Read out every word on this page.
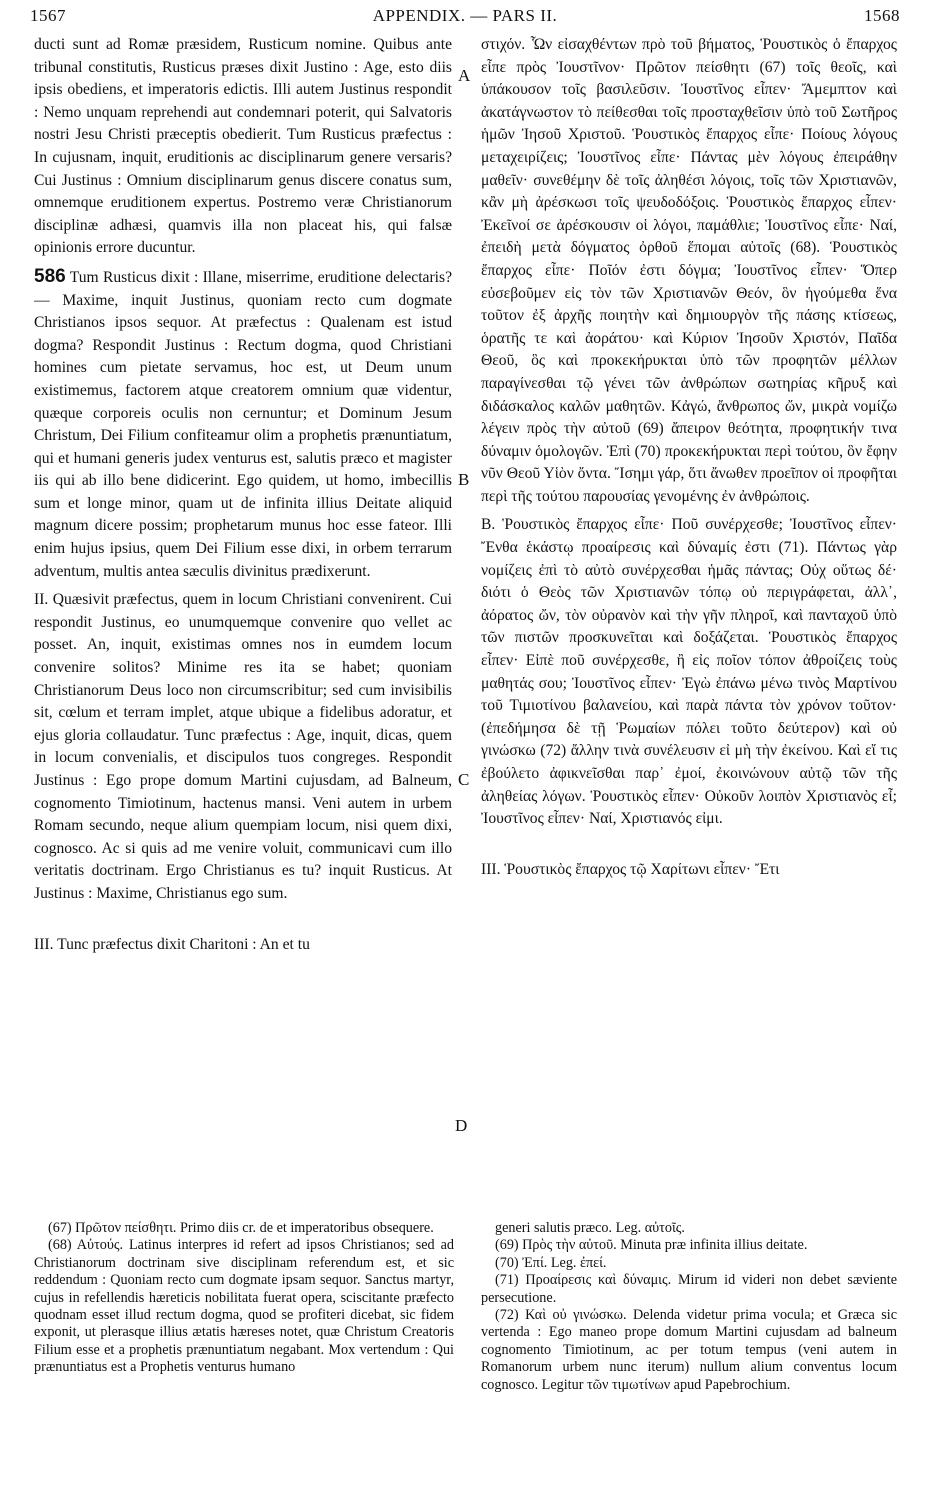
1567	APPENDIX. — PARS II.	1568
A
B
C
D

ducti sunt ad Romæ præsidem, Rusticum nomine. Quibus ante tribunal constitutis, Rusticus præses dixit Justino : Age, esto diis ipsis obediens, et imperatoris edictis. Illi autem Justinus respondit : Nemo unquam reprehendi aut condemnari poterit, qui Salvatoris nostri Jesu Christi præceptis obedierit. Tum Rusticus præfectus : In cujusnam, inquit, eruditionis ac disciplinarum genere versaris? Cui Justinus : Omnium disciplinarum genus discere conatus sum, omnemque eruditionem expertus. Postremo veræ Christianorum disciplinæ adhæsi, quamvis illa non placeat his, qui falsæ opinionis errore ducuntur.

586 Tum Rusticus dixit : Illane, miserrime, eruditione delectaris? — Maxime, inquit Justinus, quoniam recto cum dogmate Christianos ipsos sequor. At præfectus : Qualenam est istud dogma? Respondit Justinus : Rectum dogma, quod Christiani homines cum pietate servamus, hoc est, ut Deum unum existimemus, factorem atque creatorem omnium quæ videntur, quæque corporeis oculis non cernuntur; et Dominum Jesum Christum, Dei Filium confiteamur olim a prophetis prænuntiatum, qui et humani generis judex venturus est, salutis præco et magister iis qui ab illo bene didicerint. Ego quidem, ut homo, imbecillis sum et longe minor, quam ut de infinita illius Deitate aliquid magnum dicere possim; prophetarum munus hoc esse fateor. Illi enim hujus ipsius, quem Dei Filium esse dixi, in orbem terrarum adventum, multis antea sæculis divinitus prædixerunt.

II. Quæsivit præfectus, quem in locum Christiani convenirent. Cui respondit Justinus, eo unumquemque convenire quo vellet ac posset. An, inquit, existimas omnes nos in eumdem locum convenire solitos? Minime res ita se habet; quoniam Christianorum Deus loco non circumscribitur; sed cum invisibilis sit, cœlum et terram implet, atque ubique a fidelibus adoratur, et ejus gloria collaudatur. Tunc præfectus : Age, inquit, dicas, quem in locum convenialis, et discipulos tuos congreges. Respondit Justinus : Ego prope domum Martini cujusdam, ad Balneum, cognomento Timiotinum, hactenus mansi. Veni autem in urbem Romam secundo, neque alium quempiam locum, nisi quem dixi, cognosco. Ac si quis ad me venire voluit, communicavi cum illo veritatis doctrinam. Ergo Christianus es tu? inquit Rusticus. At Justinus : Maxime, Christianus ego sum.

III. Tunc præfectus dixit Charitoni : An et tu

στιχόν. Ὧν εἰσαχθέντων πρὸ τοῦ βήματος, Ῥουστικὸς ὁ ἔπαρχος εἶπε πρὸς Ἰουστῖνον· Πρῶτον πείσθητι (67) τοῖς θεοῖς, καὶ ὑπάκουσον τοῖς βασιλεῦσιν. Ἰουστῖνος εἶπεν· Ἄμεμπτον καὶ ἀκατάγνωστον τὸ πείθεσθαι τοῖς προσταχθεῖσιν ὑπὸ τοῦ Σωτῆρος ἡμῶν Ἰησοῦ Χριστοῦ. Ῥουστικὸς ἔπαρχος εἶπε· Ποίους λόγους μεταχειρίζεις; Ἰουστῖνος εἶπε· Πάντας μὲν λόγους ἐπειράθην μαθεῖν· συνεθέμην δὲ τοῖς ἀληθέσι λόγοις, τοῖς τῶν Χριστιανῶν, κἂν μὴ ἀρέσκωσι τοῖς ψευδοδόξοις. Ῥουστικὸς ἔπαρχος εἶπεν· Ἐκεῖνοί σε ἀρέσκουσιν οἱ λόγοι, παμάθλιε; Ἰουστῖνος εἶπε· Ναί, ἐπειδὴ μετὰ δόγματος ὀρθοῦ ἕπομαι αὐτοῖς (68). Ῥουστικὸς ἔπαρχος εἶπε· Ποῖόν ἐστι δόγμα; Ἰουστῖνος εἶπεν· Ὅπερ εὐσεβοῦμεν εἰς τὸν τῶν Χριστιανῶν Θεόν, ὃν ἡγούμεθα ἕνα τοῦτον ἐξ ἀρχῆς ποιητὴν καὶ δημιουργὸν τῆς πάσης κτίσεως, ὁρατῆς τε καὶ ἀοράτου· καὶ Κύριον Ἰησοῦν Χριστόν, Παῖδα Θεοῦ, ὃς καὶ προκεκήρυκται ὑπὸ τῶν προφητῶν μέλλων παραγίνεσθαι τῷ γένει τῶν ἀνθρώπων σωτηρίας κῆρυξ καὶ διδάσκαλος καλῶν μαθητῶν. Κἀγώ, ἄνθρωπος ὤν, μικρὰ νομίζω λέγειν πρὸς τὴν αὐτοῦ (69) ἄπειρον θεότητα, προφητικήν τινα δύναμιν ὁμολογῶν. Ἐπὶ (70) προκεκήρυκται περὶ τούτου, ὃν ἔφην νῦν Θεοῦ Υἱὸν ὄντα. Ἴσημι γάρ, ὅτι ἄνωθεν προεῖπον οἱ προφῆται περὶ τῆς τούτου παρουσίας γενομένης ἐν ἀνθρώποις.

Β. Ῥουστικὸς ἔπαρχος εἶπε· Ποῦ συνέρχεσθε; Ἰουστῖνος εἶπεν· Ἔνθα ἑκάστῳ προαίρεσις καὶ δύναμίς ἐστι (71). Πάντως γὰρ νομίζεις ἐπὶ τὸ αὐτὸ συνέρχεσθαι ἡμᾶς πάντας; Οὐχ οὕτως δέ· διότι ὁ Θεὸς τῶν Χριστιανῶν τόπῳ οὐ περιγράφεται, ἀλλ᾽, ἀόρατος ὤν, τὸν οὐρανὸν καὶ τὴν γῆν πληροῖ, καὶ πανταχοῦ ὑπὸ τῶν πιστῶν προσκυνεῖται καὶ δοξάζεται. Ῥουστικὸς ἔπαρχος εἶπεν· Εἰπὲ ποῦ συνέρχεσθε, ἢ εἰς ποῖον τόπον ἀθροίζεις τοὺς μαθητάς σου; Ἰουστῖνος εἶπεν· Ἐγὼ ἐπάνω μένω τινὸς Μαρτίνου τοῦ Τιμιοτίνου βαλανείου, καὶ παρὰ πάντα τὸν χρόνον τοῦτον· (ἐπεδήμησα δὲ τῇ Ῥωμαίων πόλει τοῦτο δεύτερον) καὶ οὐ γινώσκω (72) ἄλλην τινὰ συνέλευσιν εἰ μὴ τὴν ἐκείνου. Καὶ εἴ τις ἐβούλετο ἀφικνεῖσθαι παρ᾽ ἐμοί, ἐκοινώνουν αὐτῷ τῶν τῆς ἀληθείας λόγων. Ῥουστικὸς εἶπεν· Οὐκοῦν λοιπὸν Χριστιανὸς εἶ; Ἰουστῖνος εἶπεν· Ναί, Χριστιανός εἰμι.

III. Ῥουστικὸς ἔπαρχος τῷ Χαρίτωνι εἶπεν· Ἔτι

(67) Πρῶτον πείσθητι. Primo diis cr. de et imperatoribus obsequere.

(68) Αὐτούς. Latinus interpres id refert ad ipsos Christianos; sed ad Christianorum doctrinam sive disciplinam referendum est, et sic reddendum : Quoniam recto cum dogmate ipsam sequor. Sanctus martyr, cujus in refellendis hæreticis nobilitata fuerat opera, sciscitante præfecto quodnam esset illud rectum dogma, quod se profiteri dicebat, sic fidem exponit, ut plerasque illius ætatis hæreses notet, quæ Christum Creatoris Filium esse et a prophetis prænuntiatum negabant. Mox vertendum : Qui prænuntiatus est a Prophetis venturus humano

generi salutis præco. Leg. αὐτοῖς.

(69) Πρὸς τὴν αὐτοῦ. Minuta præ infinita illius deitate.

(70) Ἐπί. Leg. ἐπεί.

(71) Προαίρεσις καὶ δύναμις. Mirum id videri non debet sæviente persecutione.

(72) Καὶ οὐ γινώσκω. Delenda videtur prima vocula; et Græca sic vertenda : Ego maneo prope domum Martini cujusdam ad balneum cognomento Timiotinum, ac per totum tempus (veni autem in Romanorum urbem nunc iterum) nullum alium conventus locum cognosco. Legitur τῶν τιμωτίνων apud Papebrochium.
